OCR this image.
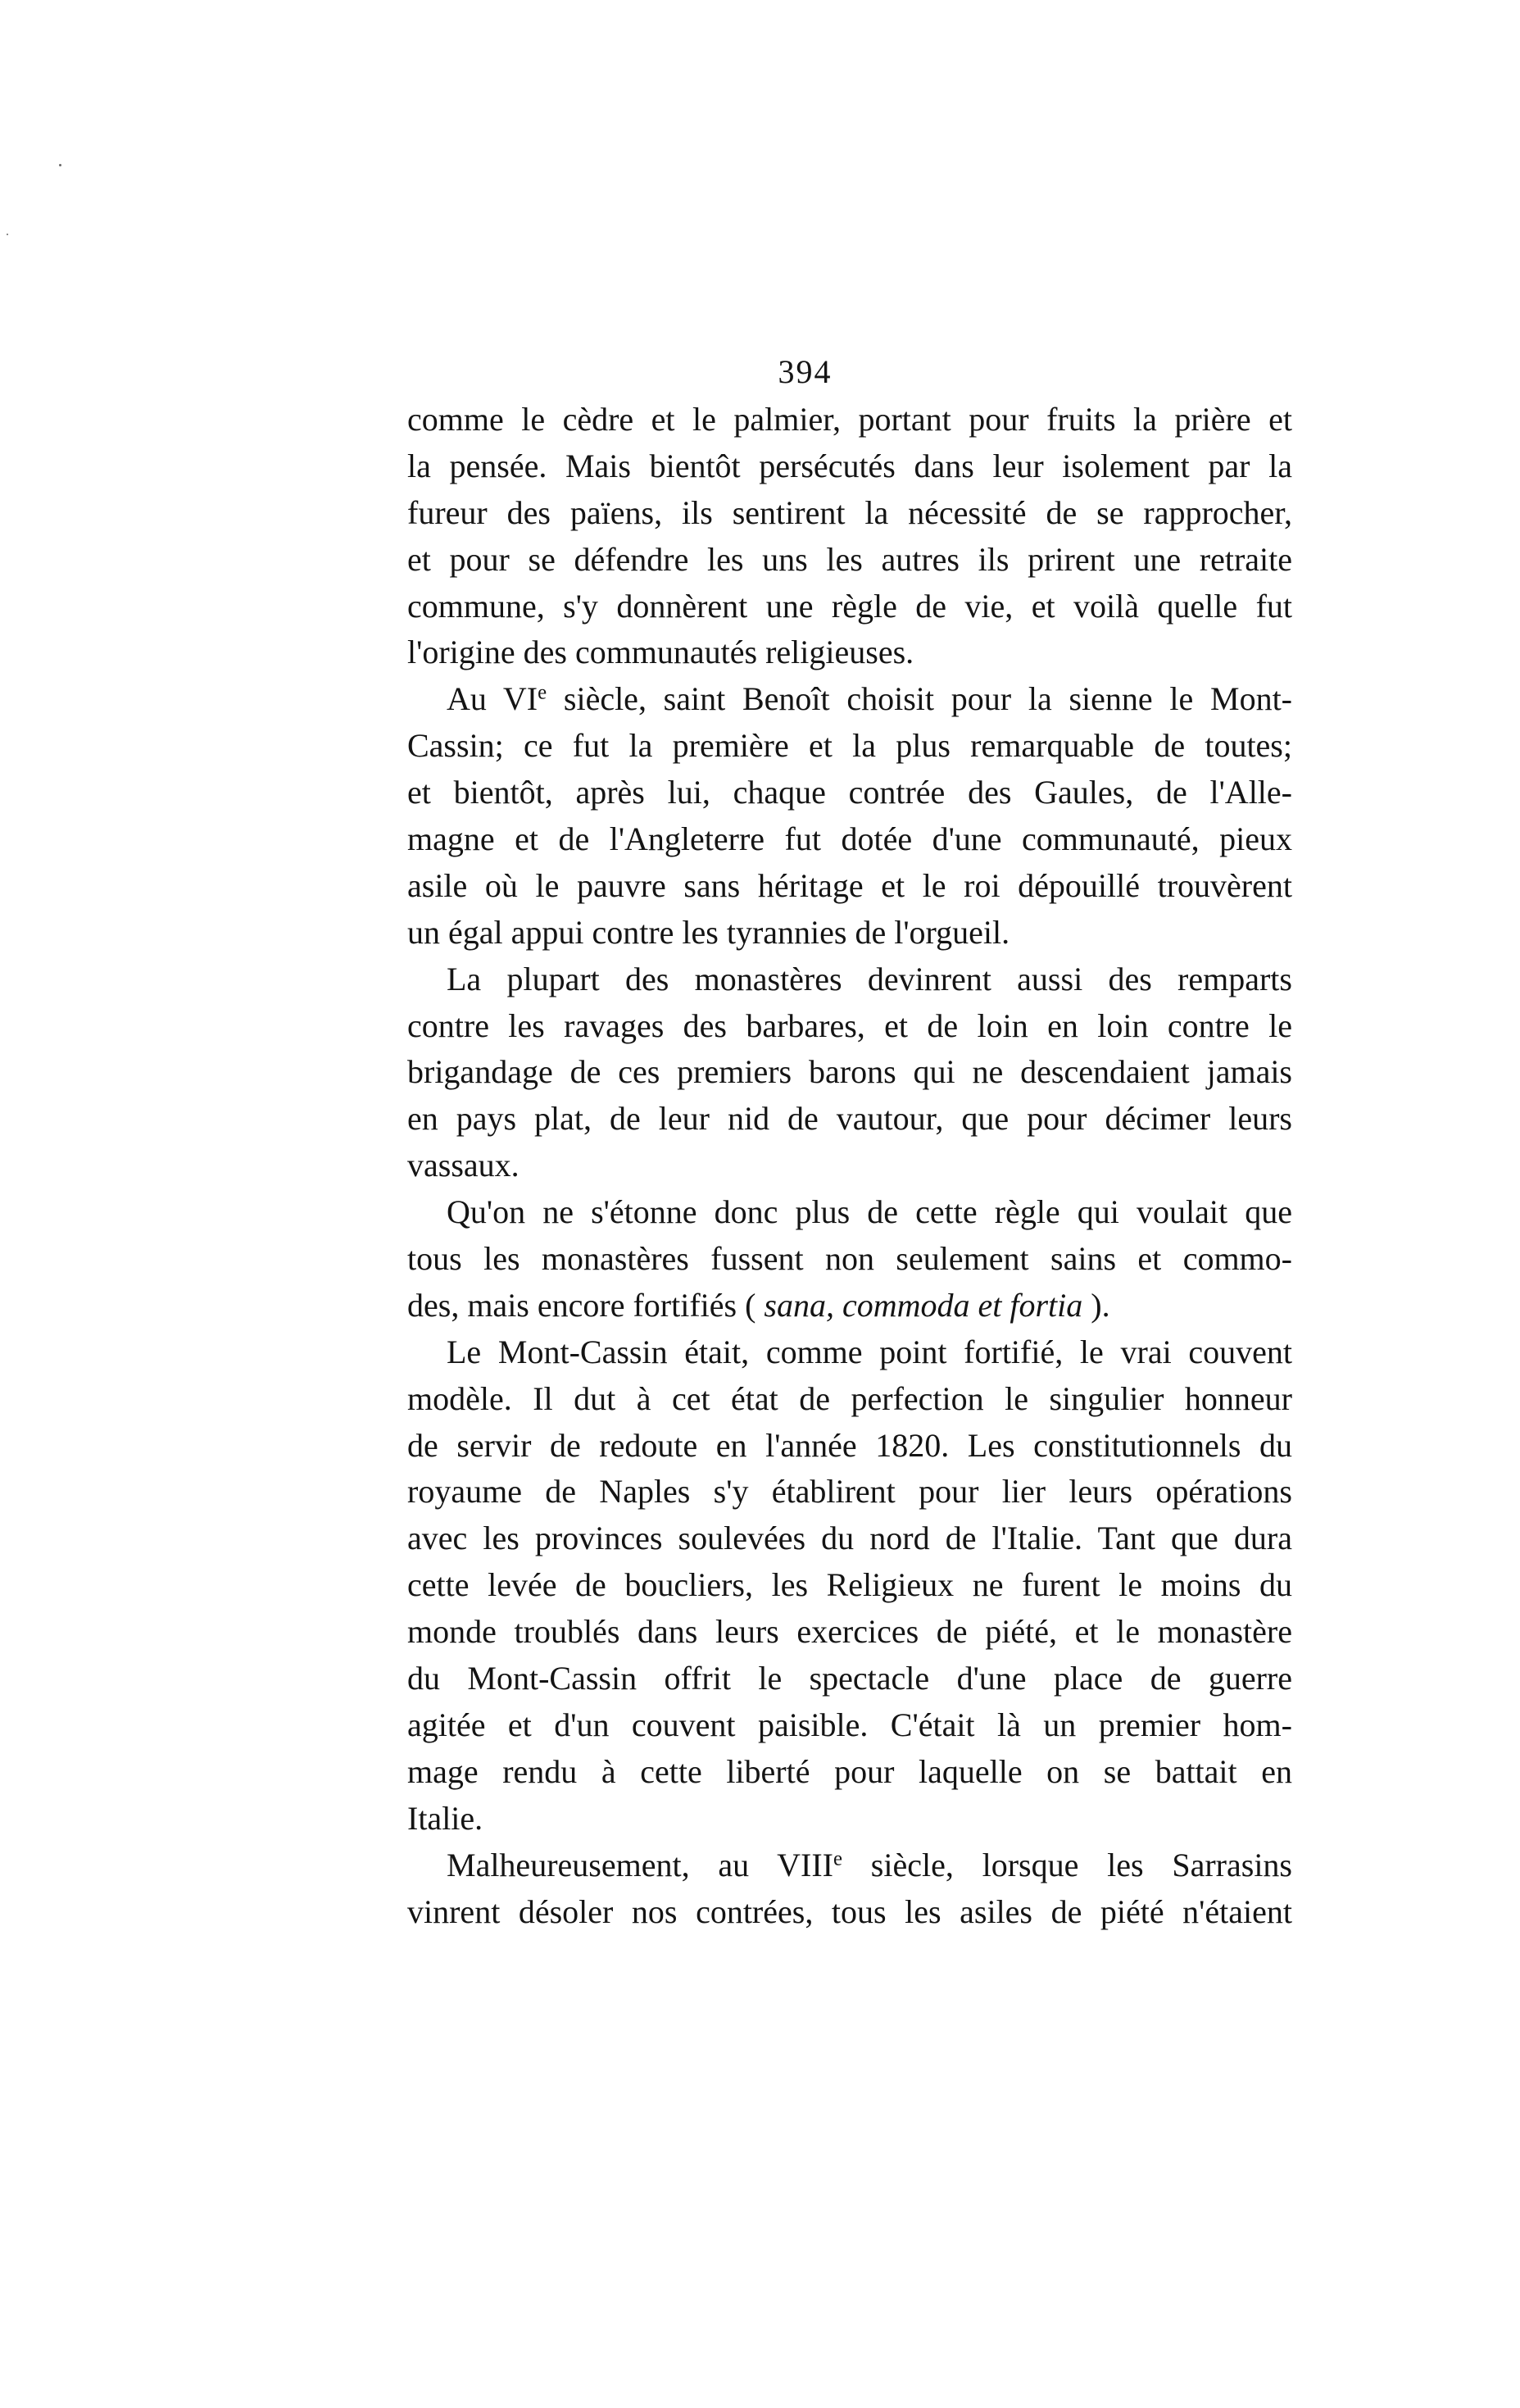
394
comme le cèdre et le palmier, portant pour fruits la prière et
la pensée. Mais bientôt persécutés dans leur isolement par la
fureur des païens, ils sentirent la nécessité de se rapprocher,
et pour se défendre les uns les autres ils prirent une retraite
commune, s'y donnèrent une règle de vie, et voilà quelle fut
l'origine des communautés religieuses.
Au VIe siècle, saint Benoît choisit pour la sienne le Mont-
Cassin; ce fut la première et la plus remarquable de toutes;
et bientôt, après lui, chaque contrée des Gaules, de l'Alle-
magne et de l'Angleterre fut dotée d'une communauté, pieux
asile où le pauvre sans héritage et le roi dépouillé trouvèrent
un égal appui contre les tyrannies de l'orgueil.
La plupart des monastères devinrent aussi des remparts
contre les ravages des barbares, et de loin en loin contre le
brigandage de ces premiers barons qui ne descendaient jamais
en pays plat, de leur nid de vautour, que pour décimer leurs
vassaux.
Qu'on ne s'étonne donc plus de cette règle qui voulait que
tous les monastères fussent non seulement sains et commo-
des, mais encore fortifiés ( sana, commoda et fortia ).
Le Mont-Cassin était, comme point fortifié, le vrai couvent
modèle. Il dut à cet état de perfection le singulier honneur
de servir de redoute en l'année 1820. Les constitutionnels du
royaume de Naples s'y établirent pour lier leurs opérations
avec les provinces soulevées du nord de l'Italie. Tant que dura
cette levée de boucliers, les Religieux ne furent le moins du
monde troublés dans leurs exercices de piété, et le monastère
du Mont-Cassin offrit le spectacle d'une place de guerre
agitée et d'un couvent paisible. C'était là un premier hom-
mage rendu à cette liberté pour laquelle on se battait en
Italie.
Malheureusement, au VIIIe siècle, lorsque les Sarrasins
vinrent désoler nos contrées, tous les asiles de piété n'étaient
